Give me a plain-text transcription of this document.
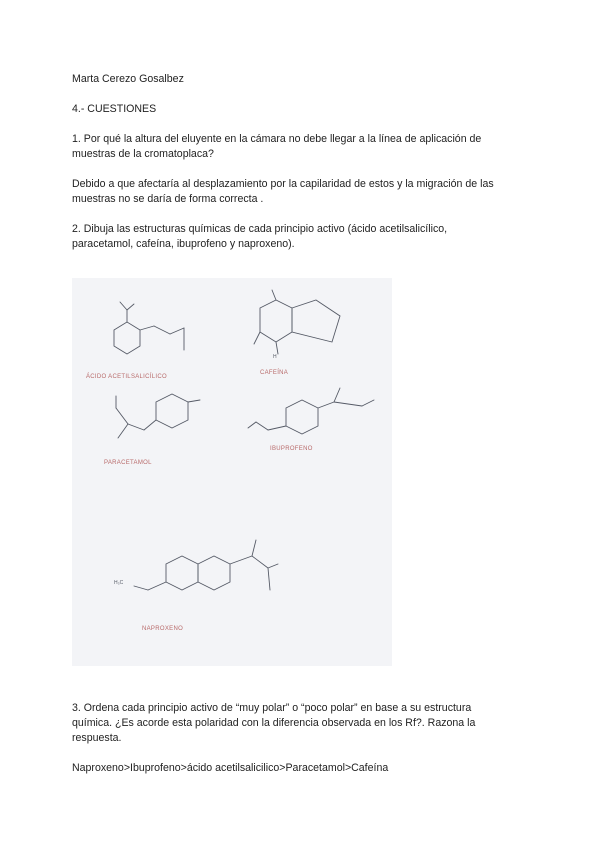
Marta Cerezo Gosalbez
4.- CUESTIONES
1. Por qué la altura del eluyente en la cámara no debe llegar a la línea de aplicación de
muestras de la cromatoplaca?
Debido a que afectaría al desplazamiento por la capilaridad de estos y la migración de las
muestras no se daría de forma correcta .
2. Dibuja las estructuras químicas de cada principio activo (ácido acetilsalicílico,
paracetamol, cafeína, ibuprofeno y naproxeno).
ÁCIDO ACETILSALICÍLICO
H
CAFEÍNA
PARACETAMOL
IBUPROFENO
H₃C
NAPROXENO
3. Ordena cada principio activo de “muy polar” o “poco polar” en base a su estructura
química. ¿Es acorde esta polaridad con la diferencia observada en los Rf?. Razona la
respuesta.
Naproxeno>Ibuprofeno>ácido acetilsalicilico>Paracetamol>Cafeína
